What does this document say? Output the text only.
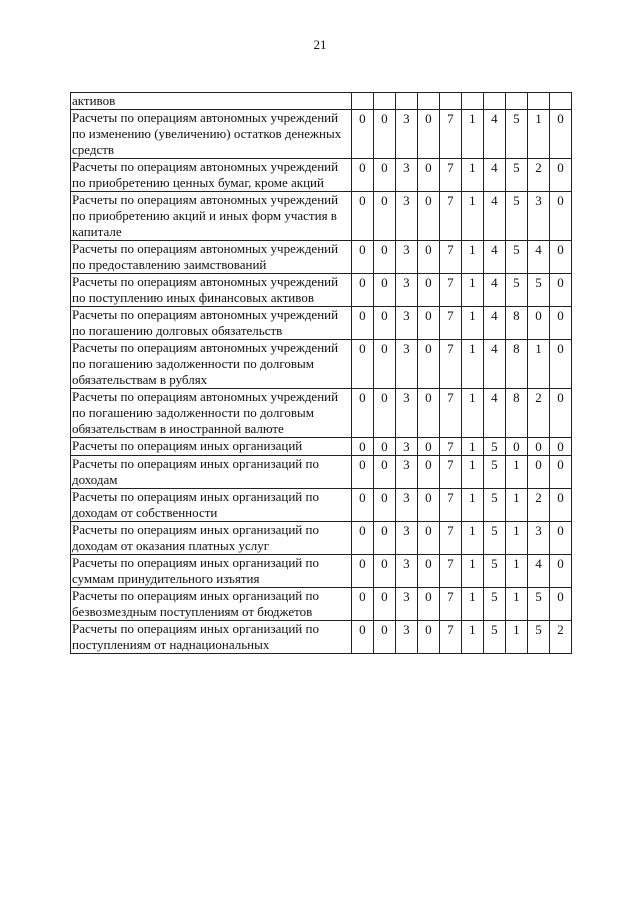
21
активов										
Расчеты по операциям автономных учреждений по изменению (увеличению) остатков денежных средств	0	0	3	0	7	1	4	5	1	0
Расчеты по операциям автономных учреждений по приобретению ценных бумаг, кроме акций	0	0	3	0	7	1	4	5	2	0
Расчеты по операциям автономных учреждений по приобретению акций и иных форм участия в капитале	0	0	3	0	7	1	4	5	3	0
Расчеты по операциям автономных учреждений по предоставлению заимствований	0	0	3	0	7	1	4	5	4	0
Расчеты по операциям автономных учреждений по поступлению иных финансовых активов	0	0	3	0	7	1	4	5	5	0
Расчеты по операциям автономных учреждений по погашению долговых обязательств	0	0	3	0	7	1	4	8	0	0
Расчеты по операциям автономных учреждений по погашению задолженности по долговым обязательствам в рублях	0	0	3	0	7	1	4	8	1	0
Расчеты по операциям автономных учреждений по погашению задолженности по долговым обязательствам в иностранной валюте	0	0	3	0	7	1	4	8	2	0
Расчеты по операциям иных организаций	0	0	3	0	7	1	5	0	0	0
Расчеты по операциям иных организаций по доходам	0	0	3	0	7	1	5	1	0	0
Расчеты по операциям иных организаций по доходам от собственности	0	0	3	0	7	1	5	1	2	0
Расчеты по операциям иных организаций по доходам от оказания платных услуг	0	0	3	0	7	1	5	1	3	0
Расчеты по операциям иных организаций по суммам принудительного изъятия	0	0	3	0	7	1	5	1	4	0
Расчеты по операциям иных организаций по безвозмездным поступлениям от бюджетов	0	0	3	0	7	1	5	1	5	0
Расчеты по операциям иных организаций по поступлениям от наднациональных	0	0	3	0	7	1	5	1	5	2
